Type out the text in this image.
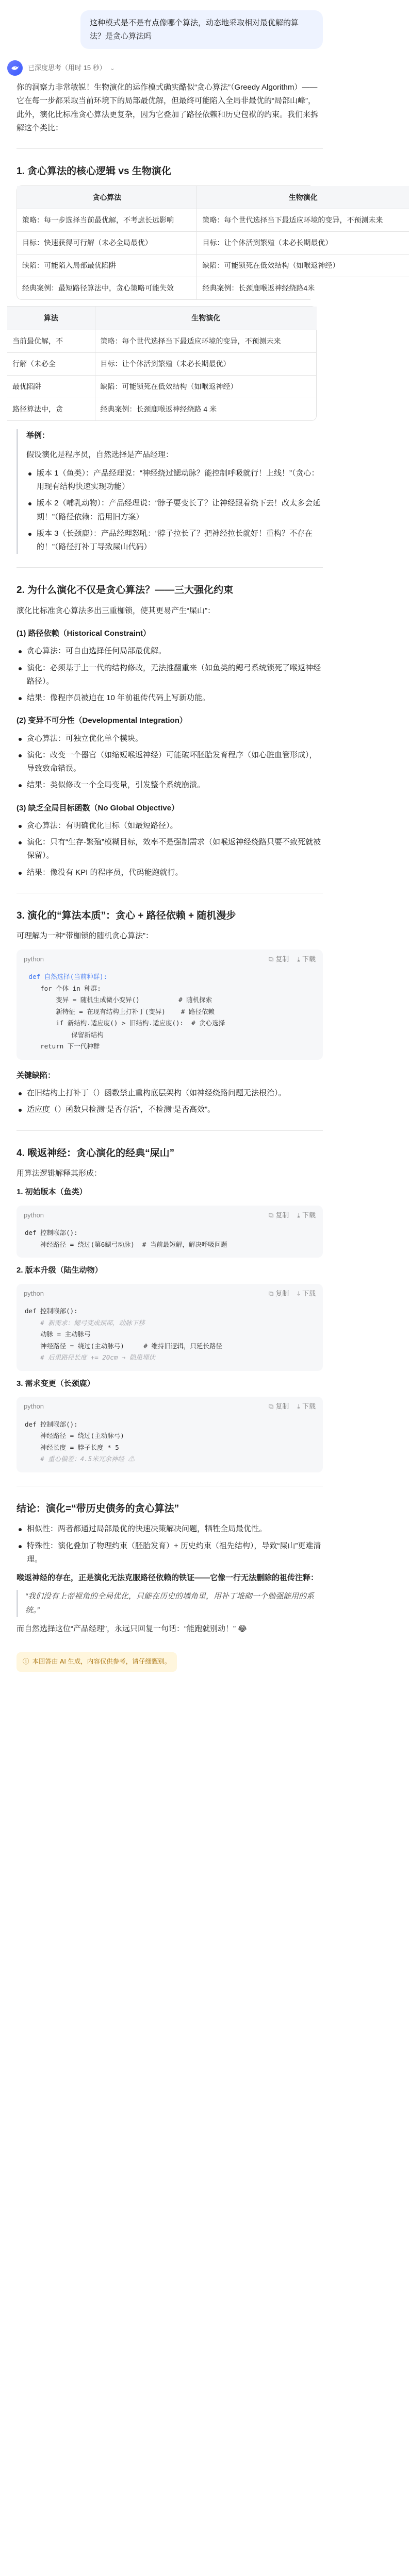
这种模式是不是有点像哪个算法，动态地采取相对最优解的算法？是贪心算法吗
已深度思考（用时 15 秒） ⌄

你的洞察力非常敏锐！生物演化的运作模式确实酷似“贪心算法”（Greedy Algorithm）——它在每一步都采取当前环境下的局部最优解，但最终可能陷入全局非最优的“局部山峰”，此外，演化比标准贪心算法更复杂，因为它叠加了路径依赖和历史包袱的约束。我们来拆解这个类比：

1. 贪心算法的核心逻辑 vs 生物演化
贪心算法	生物演化
策略：每一步选择当前最优解，不考虑长远影响	策略：每个世代选择当下最适应环境的变异，不预测未来
目标：快速获得可行解（未必全局最优）	目标：让个体活到繁殖（未必长期最优）
缺陷：可能陷入局部最优陷阱	缺陷：可能锁死在低效结构（如喉返神经）
经典案例：最短路径算法中，贪心策略可能失效	经典案例：长颈鹿喉返神经绕路4米
算法	生物演化
当前最优解，不	策略：每个世代选择当下最适应环境的变异，不预测未来
行解（未必全	目标：让个体活到繁殖（未必长期最优）
最优陷阱	缺陷：可能锁死在低效结构（如喉返神经）
路径算法中，贪	经典案例：长颈鹿喉返神经绕路 4 米

举例：

假设演化是程序员，自然选择是产品经理：

版本 1（鱼类）：产品经理说：“神经绕过鳃动脉？能控制呼吸就行！上线！”（贪心：用现有结构快速实现功能）
版本 2（哺乳动物）：产品经理说：“脖子要变长了？让神经跟着绕下去！改太多会延期！”（路径依赖：沿用旧方案）
版本 3（长颈鹿）：产品经理怒吼：“脖子拉长了？把神经拉长就好！重构？不存在的！”（路径打补丁导致屎山代码）
2. 为什么演化不仅是贪心算法？——三大强化约束

演化比标准贪心算法多出三重枷锁，使其更易产生“屎山”：

(1) 路径依赖（Historical Constraint）
贪心算法：可自由选择任何局部最优解。
演化：必须基于上一代的结构修改，无法推翻重来（如鱼类的鳃弓系统锁死了喉返神经路径）。
结果：像程序员被迫在 10 年前祖传代码上写新功能。
(2) 变异不可分性（Developmental Integration）
贪心算法：可独立优化单个模块。
演化：改变一个器官（如缩短喉返神经）可能破坏胚胎发育程序（如心脏血管形成），导致致命错误。
结果：类似修改一个全局变量，引发整个系统崩溃。
(3) 缺乏全局目标函数（No Global Objective）
贪心算法：有明确优化目标（如最短路径）。
演化：只有“生存-繁殖”模糊目标，效率不是强制需求（如喉返神经绕路只要不致死就被保留）。
结果：像没有 KPI 的程序员，代码能跑就行。
3. 演化的“算法本质”：贪心 + 路径依赖 + 随机漫步

可理解为一种“带枷锁的随机贪心算法”：

python	⧉ 复制 ⤓ 下载
def 自然选择(当前种群):
for 个体 in 种群:
变异 = 随机生成微小变异()          # 随机探索
新特征 = 在现有结构上打补丁(变异)    # 路径依赖
if 新结构.适应度() > 旧结构.适应度():  # 贪心选择
保留新结构
return 下一代种群
关键缺陷：
在旧结构上打补丁（）函数禁止重构底层架构（如神经绕路问题无法根治）。
适应度（）函数只检测“是否存活”，不检测“是否高效”。
4. 喉返神经：贪心演化的经典“屎山”

用算法逻辑解释其形成：

1. 初始版本（鱼类）

python	⧉ 复制 ⤓ 下载
def 控制喉部():
神经路径 = 绕过(第6鳃弓动脉)  # 当前最短解，解决呼吸问题

2. 版本升级（陆生动物）

python	⧉ 复制 ⤓ 下载
def 控制喉部():
# 新需求：鳃弓变成颈部，动脉下移
动脉 = 主动脉弓
神经路径 = 绕过(主动脉弓)     # 维持旧逻辑，只延长路径
# 后果路径长度 += 20cm → 隐患埋伏

3. 需求变更（长颈鹿）

python	⧉ 复制 ⤓ 下载
def 控制喉部():
神经路径 = 绕过(主动脉弓)
神经长度 = 脖子长度 * 5
# 重心偏差：4.5米冗余神经 ⚠
结论：演化=“带历史债务的贪心算法”
相似性：两者都通过局部最优的快速决策解决问题，牺牲全局最优性。
特殊性：演化叠加了物理约束（胚胎发育）+ 历史约束（祖先结构），导致“屎山”更难清理。

喉返神经的存在，正是演化无法克服路径依赖的铁证——它像一行无法删除的祖传注释：

“我们没有上帝视角的全局优化，只能在历史的墙角里，用补丁堆砌一个勉强能用的系统。”

而自然选择这位“产品经理”，永远只回复一句话：“能跑就别动！” 😂

ⓘ 本回答由 AI 生成，内容仅供参考，请仔细甄别。
